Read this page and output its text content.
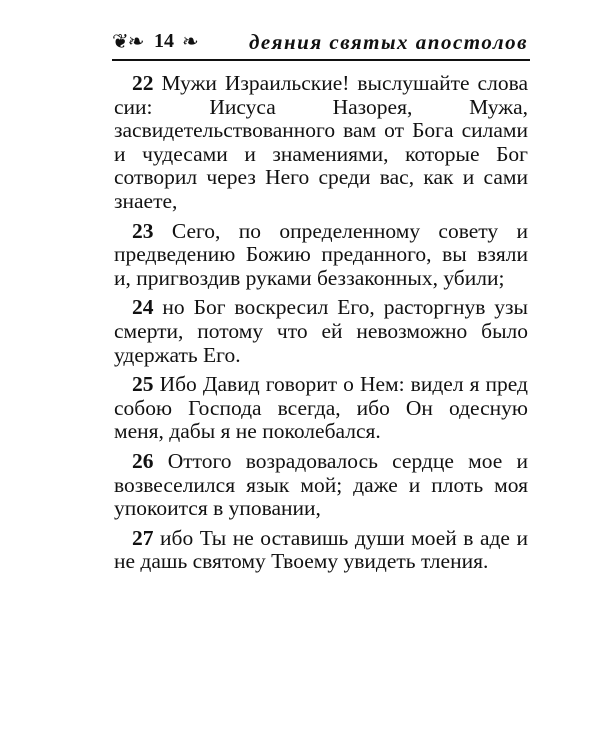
❦❧ 14 ❧ деяния святых апостолов

22 Мужи Израильские! выслушайте слова сии: Иисуса Назорея, Мужа, засвидетельствованного вам от Бога силами и чудесами и знамениями, которые Бог сотворил через Него среди вас, как и сами знаете,

23 Сего, по определенному совету и предведению Божию преданного, вы взяли и, пригвоздив руками беззаконных, убили;

24 но Бог воскресил Его, расторгнув узы смерти, потому что ей невозможно было удержать Его.

25 Ибо Давид говорит о Нем: видел я пред собою Господа всегда, ибо Он одесную меня, дабы я не поколебался.

26 Оттого возрадовалось сердце мое и возвеселился язык мой; даже и плоть моя упокоится в уповании,

27 ибо Ты не оставишь души моей в аде и не дашь святому Твоему увидеть тления.
